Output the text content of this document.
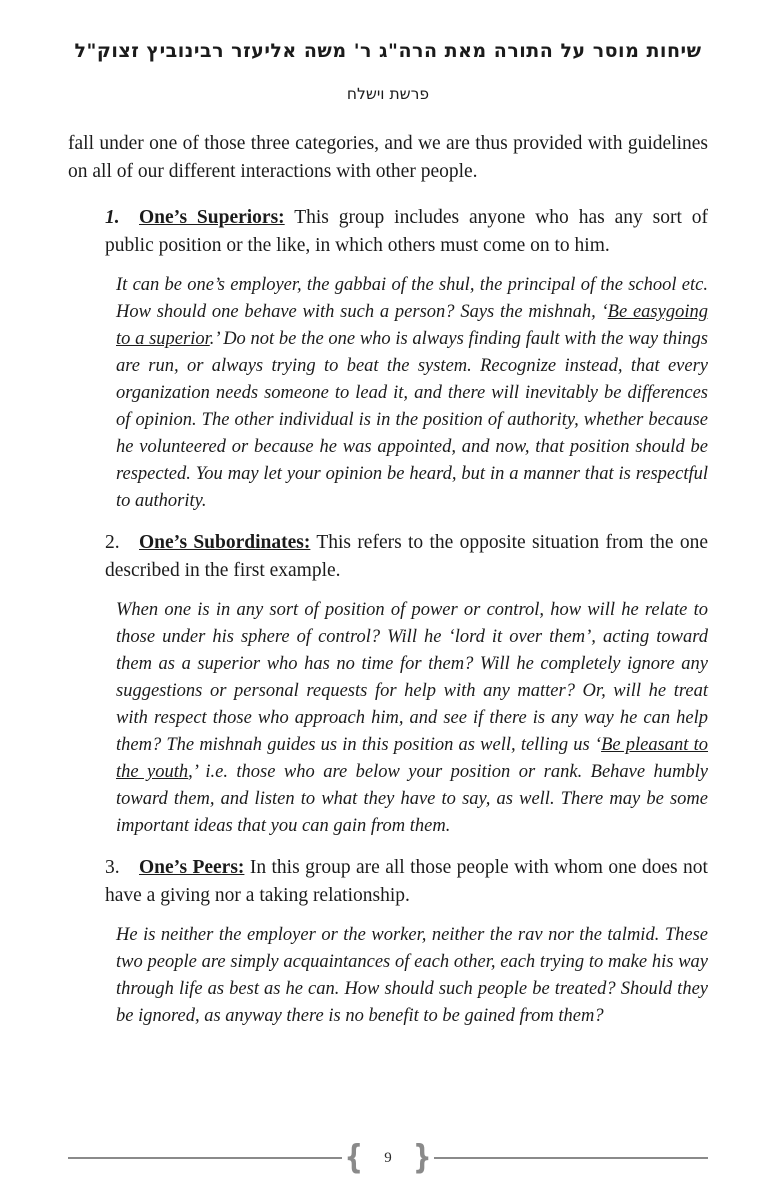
שיחות מוסר על התורה מאת הרה"ג ר' משה אליעזר רבינוביץ זצוק"ל
פרשת וישלח
fall under one of those three categories, and we are thus provided with guidelines on all of our different interactions with other people.
1. One’s Superiors: This group includes anyone who has any sort of public position or the like, in which others must come on to him.
It can be one’s employer, the gabbai of the shul, the principal of the school etc. How should one behave with such a person? Says the mishnah, ‘Be easygoing to a superior.’ Do not be the one who is always finding fault with the way things are run, or always trying to beat the system. Recognize instead, that every organization needs someone to lead it, and there will inevitably be differences of opinion. The other individual is in the position of authority, whether because he volunteered or because he was appointed, and now, that position should be respected. You may let your opinion be heard, but in a manner that is respectful to authority.
2. One’s Subordinates: This refers to the opposite situation from the one described in the first example.
When one is in any sort of position of power or control, how will he relate to those under his sphere of control? Will he ‘lord it over them’, acting toward them as a superior who has no time for them? Will he completely ignore any suggestions or personal requests for help with any matter? Or, will he treat with respect those who approach him, and see if there is any way he can help them? The mishnah guides us in this position as well, telling us ‘Be pleasant to the youth,’ i.e. those who are below your position or rank. Behave humbly toward them, and listen to what they have to say, as well. There may be some important ideas that you can gain from them.
3. One’s Peers: In this group are all those people with whom one does not have a giving nor a taking relationship.
He is neither the employer or the worker, neither the rav nor the talmid. These two people are simply acquaintances of each other, each trying to make his way through life as best as he can. How should such people be treated? Should they be ignored, as anyway there is no benefit to be gained from them?
{	9 }
